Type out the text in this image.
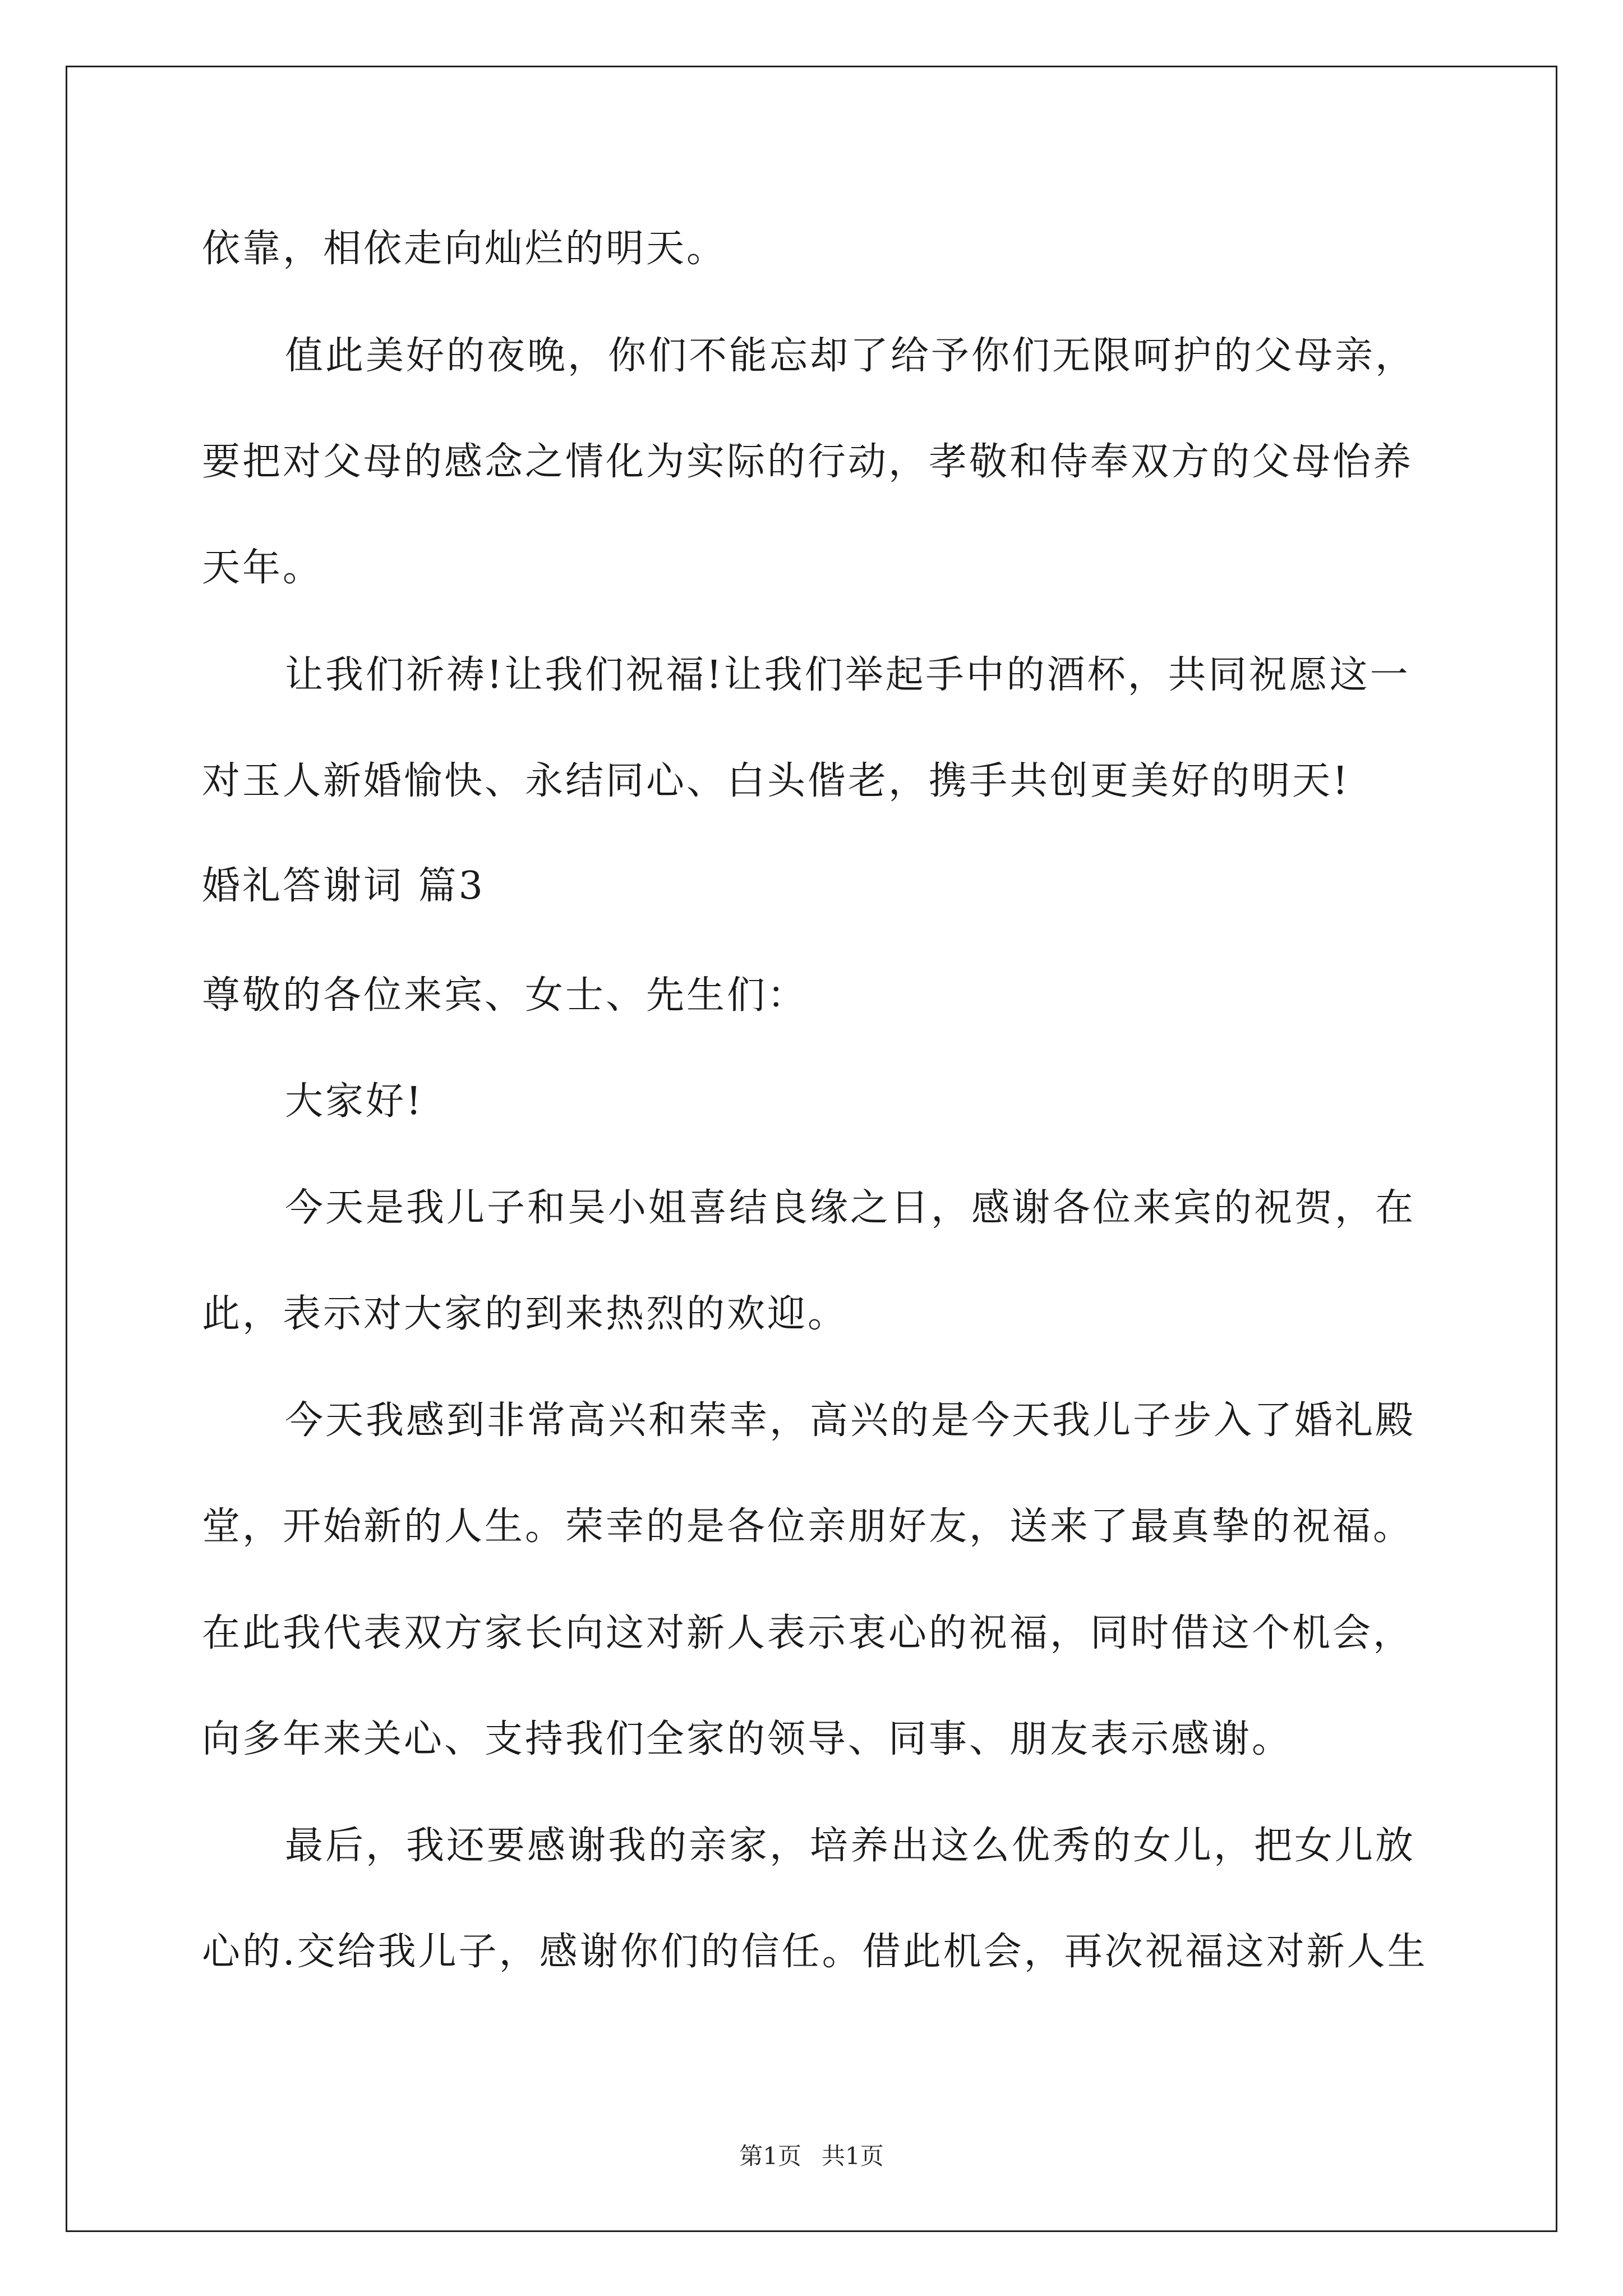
依靠，相依走向灿烂的明天。
值此美好的夜晚，你们不能忘却了给予你们无限呵护的父母亲，
要把对父母的感念之情化为实际的行动，孝敬和侍奉双方的父母怡养
天年。
让我们祈祷!让我们祝福!让我们举起手中的酒杯，共同祝愿这一
对玉人新婚愉快、永结同心、白头偕老，携手共创更美好的明天!
婚礼答谢词 篇3
尊敬的各位来宾、女士、先生们：
大家好!
今天是我儿子和吴小姐喜结良缘之日，感谢各位来宾的祝贺，在
此，表示对大家的到来热烈的欢迎。
今天我感到非常高兴和荣幸，高兴的是今天我儿子步入了婚礼殿
堂，开始新的人生。荣幸的是各位亲朋好友，送来了最真挚的祝福。
在此我代表双方家长向这对新人表示衷心的祝福，同时借这个机会，
向多年来关心、支持我们全家的领导、同事、朋友表示感谢。
最后，我还要感谢我的亲家，培养出这么优秀的女儿，把女儿放
心的.交给我儿子，感谢你们的信任。借此机会，再次祝福这对新人生
第1页 共1页
